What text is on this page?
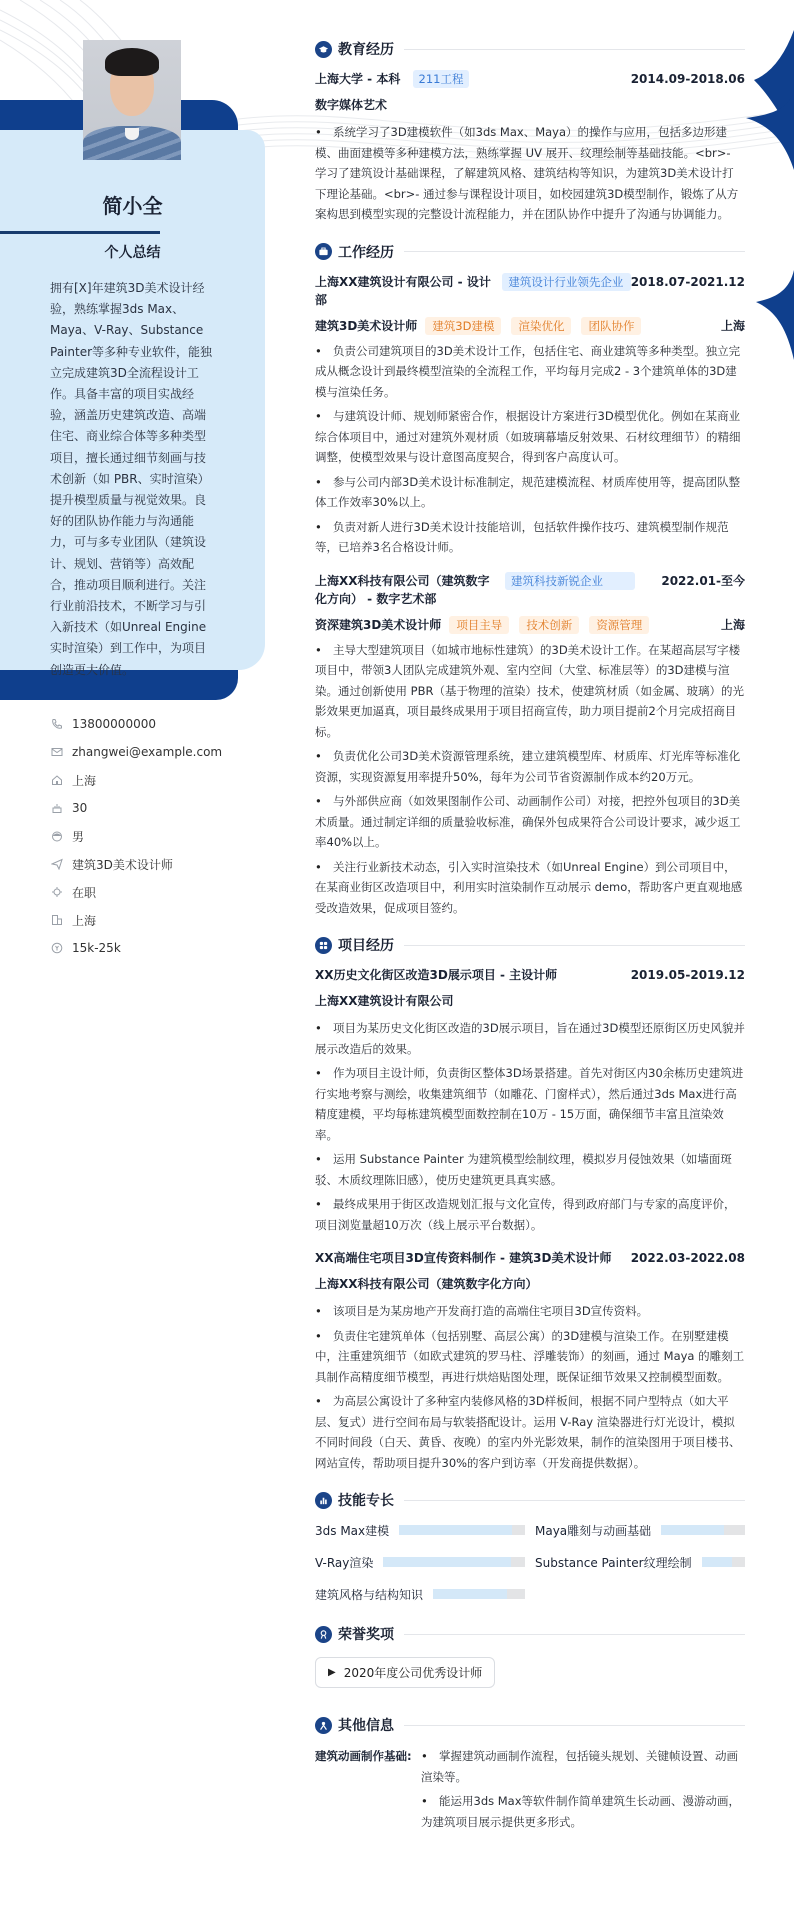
简小全
个人总结
拥有[X]年建筑3D美术设计经验，熟练掌握3ds Max、Maya、V-Ray、Substance Painter等多种专业软件，能独立完成建筑3D全流程设计工作。具备丰富的项目实战经验，涵盖历史建筑改造、高端住宅、商业综合体等多种类型项目，擅长通过细节刻画与技术创新（如 PBR、实时渲染）提升模型质量与视觉效果。良好的团队协作能力与沟通能力，可与多专业团队（建筑设计、规划、营销等）高效配合，推动项目顺利进行。关注行业前沿技术，不断学习与引入新技术（如Unreal Engine实时渲染）到工作中，为项目创造更大价值。
13800000000
zhangwei@example.com
上海
30
男
建筑3D美术设计师
在职
上海
15k-25k
教育经历
上海大学 - 本科 211工程	2014.09-2018.06
数字媒体艺术
• 系统学习了3D建模软件（如3ds Max、Maya）的操作与应用，包括多边形建模、曲面建模等多种建模方法，熟练掌握 UV 展开、纹理绘制等基础技能。<br>- 学习了建筑设计基础课程，了解建筑风格、建筑结构等知识，为建筑3D美术设计打下理论基础。<br>- 通过参与课程设计项目，如校园建筑3D模型制作，锻炼了从方案构思到模型实现的完整设计流程能力，并在团队协作中提升了沟通与协调能力。
工作经历
上海XX建筑设计有限公司 - 设计部
建筑设计行业领先企业 2018.07-2021.12
建筑3D美术设计师	建筑3D建模	渲染优化	团队协作	上海
• 负责公司建筑项目的3D美术设计工作，包括住宅、商业建筑等多种类型。独立完成从概念设计到最终模型渲染的全流程工作，平均每月完成2 - 3个建筑单体的3D建模与渲染任务。
• 与建筑设计师、规划师紧密合作，根据设计方案进行3D模型优化。例如在某商业综合体项目中，通过对建筑外观材质（如玻璃幕墙反射效果、石材纹理细节）的精细调整，使模型效果与设计意图高度契合，得到客户高度认可。
• 参与公司内部3D美术设计标准制定，规范建模流程、材质库使用等，提高团队整体工作效率30%以上。
• 负责对新人进行3D美术设计技能培训，包括软件操作技巧、建筑模型制作规范等，已培养3名合格设计师。
上海XX科技有限公司（建筑数字化方向） - 数字艺术部
建筑科技新锐企业	2022.01-至今
资深建筑3D美术设计师	项目主导	技术创新	资源管理	上海
• 主导大型建筑项目（如城市地标性建筑）的3D美术设计工作。在某超高层写字楼项目中，带领3人团队完成建筑外观、室内空间（大堂、标准层等）的3D建模与渲染。通过创新使用 PBR（基于物理的渲染）技术，使建筑材质（如金属、玻璃）的光影效果更加逼真，项目最终成果用于项目招商宣传，助力项目提前2个月完成招商目标。
• 负责优化公司3D美术资源管理系统，建立建筑模型库、材质库、灯光库等标准化资源，实现资源复用率提升50%，每年为公司节省资源制作成本约20万元。
• 与外部供应商（如效果图制作公司、动画制作公司）对接，把控外包项目的3D美术质量。通过制定详细的质量验收标准，确保外包成果符合公司设计要求，减少返工率40%以上。
• 关注行业新技术动态，引入实时渲染技术（如Unreal Engine）到公司项目中，在某商业街区改造项目中，利用实时渲染制作互动展示 demo，帮助客户更直观地感受改造效果，促成项目签约。
项目经历
XX历史文化街区改造3D展示项目 - 主设计师	2019.05-2019.12
上海XX建筑设计有限公司
• 项目为某历史文化街区改造的3D展示项目，旨在通过3D模型还原街区历史风貌并展示改造后的效果。
• 作为项目主设计师，负责街区整体3D场景搭建。首先对街区内30余栋历史建筑进行实地考察与测绘，收集建筑细节（如雕花、门窗样式），然后通过3ds Max进行高精度建模，平均每栋建筑模型面数控制在10万 - 15万面，确保细节丰富且渲染效率。
• 运用 Substance Painter 为建筑模型绘制纹理，模拟岁月侵蚀效果（如墙面斑驳、木质纹理陈旧感），使历史建筑更具真实感。
• 最终成果用于街区改造规划汇报与文化宣传，得到政府部门与专家的高度评价，项目浏览量超10万次（线上展示平台数据）。
XX高端住宅项目3D宣传资料制作 - 建筑3D美术设计师 2022.03-2022.08
上海XX科技有限公司（建筑数字化方向）
• 该项目是为某房地产开发商打造的高端住宅项目3D宣传资料。
• 负责住宅建筑单体（包括别墅、高层公寓）的3D建模与渲染工作。在别墅建模中，注重建筑细节（如欧式建筑的罗马柱、浮雕装饰）的刻画，通过 Maya 的雕刻工具制作高精度细节模型，再进行烘焙贴图处理，既保证细节效果又控制模型面数。
• 为高层公寓设计了多种室内装修风格的3D样板间，根据不同户型特点（如大平层、复式）进行空间布局与软装搭配设计。运用 V-Ray 渲染器进行灯光设计，模拟不同时间段（白天、黄昏、夜晚）的室内外光影效果，制作的渲染图用于项目楼书、网站宣传，帮助项目提升30%的客户到访率（开发商提供数据）。
技能专长
3ds Max建模	Maya雕刻与动画基础
V-Ray渲染	Substance Painter纹理绘制
建筑风格与结构知识
荣誉奖项
▶ 2020年度公司优秀设计师
其他信息
建筑动画制作基础:	• 掌握建筑动画制作流程，包括镜头规划、关键帧设置、动画渲染等。
• 能运用3ds Max等软件制作简单建筑生长动画、漫游动画，为建筑项目展示提供更多形式。
